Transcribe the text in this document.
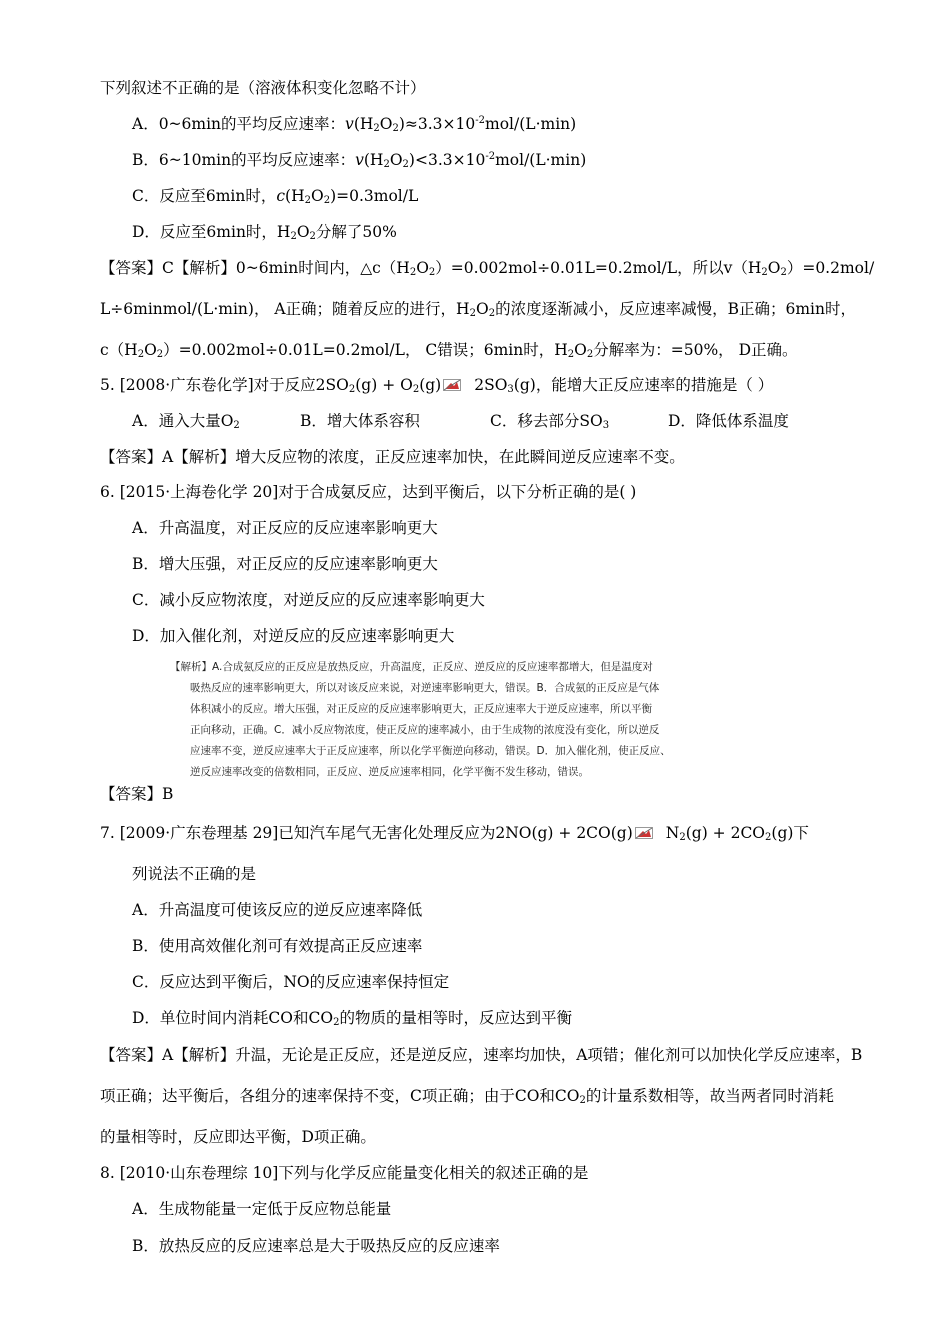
下列叙述不正确的是（溶液体积变化忽略不计）
A．0~6min的平均反应速率：$v(H_2O_2)\approx 3.3\times 10^{-2}mol/(L\cdot\min)$
B．6~10min的平均反应速率：$v(H_2O_2)<3.3\times 10^{-2}mol/(L\cdot\min)$
C．反应至6min时，$c(H_2O_2)=0.3mol/L$
D．反应至6min时，$H_2O_2$分解了50%
【答案】C【解析】0~6min时间内，$\triangle c(H_2O_2)=0.002mol\div 0.01L=0.2mol/L$，所以$v(H_2O_2)=0.2mol/$
L÷6minmol/(L·min)， A正确；随着反应的进行，$H_2O_2$的浓度逐渐减小，反应速率减慢，B正确；6min时，
$c(H_2O_2)=0.002mol\div 0.01L=0.2mol/L$， C错误；6min时，$H_2O_2$分解率为：=50%， D正确。
5. [2008·广东卷化学]对于反应$2SO_2(g) + O_2(g)$ $2SO_3(g)$，能增大正反应速率的措施是（ ）
A．通入大量$O_2$	B．增大体系容积	C．移去部分$SO_3$	D．降低体系温度
【答案】A【解析】增大反应物的浓度，正反应速率加快，在此瞬间逆反应速率不变。
6. [2015·上海卷化学 20]对于合成氨反应，达到平衡后，以下分析正确的是( )
A．升高温度，对正反应的反应速率影响更大
B．增大压强，对正反应的反应速率影响更大
C．减小反应物浓度，对逆反应的反应速率影响更大
D．加入催化剂，对逆反应的反应速率影响更大
【解析】A.合成氨反应的正反应是放热反应，升高温度，正反应、逆反应的反应速率都增大，但是温度对
吸热反应的速率影响更大，所以对该反应来说，对逆速率影响更大，错误。B．合成氨的正反应是气体
体积减小的反应。增大压强，对正反应的反应速率影响更大，正反应速率大于逆反应速率，所以平衡
正向移动，正确。C．减小反应物浓度，使正反应的速率减小，由于生成物的浓度没有变化，所以逆反
应速率不变，逆反应速率大于正反应速率，所以化学平衡逆向移动，错误。D．加入催化剂，使正反应、
逆反应速率改变的倍数相同，正反应、逆反应速率相同，化学平衡不发生移动，错误。
【答案】B
7. [2009·广东卷理基 29]已知汽车尾气无害化处理反应为2NO(g) + 2CO(g) $N_2(g) + 2CO_2(g)$下
列说法不正确的是
A．升高温度可使该反应的逆反应速率降低
B．使用高效催化剂可有效提高正反应速率
C．反应达到平衡后，NO的反应速率保持恒定
D．单位时间内消耗CO和$CO_2$的物质的量相等时，反应达到平衡
【答案】A【解析】升温，无论是正反应，还是逆反应，速率均加快，A项错；催化剂可以加快化学反应速率，B
项正确；达平衡后，各组分的速率保持不变，C项正确；由于CO和$CO_2$的计量系数相等，故当两者同时消耗
的量相等时，反应即达平衡，D项正确。
8. [2010·山东卷理综 10]下列与化学反应能量变化相关的叙述正确的是
A．生成物能量一定低于反应物总能量
B．放热反应的反应速率总是大于吸热反应的反应速率
